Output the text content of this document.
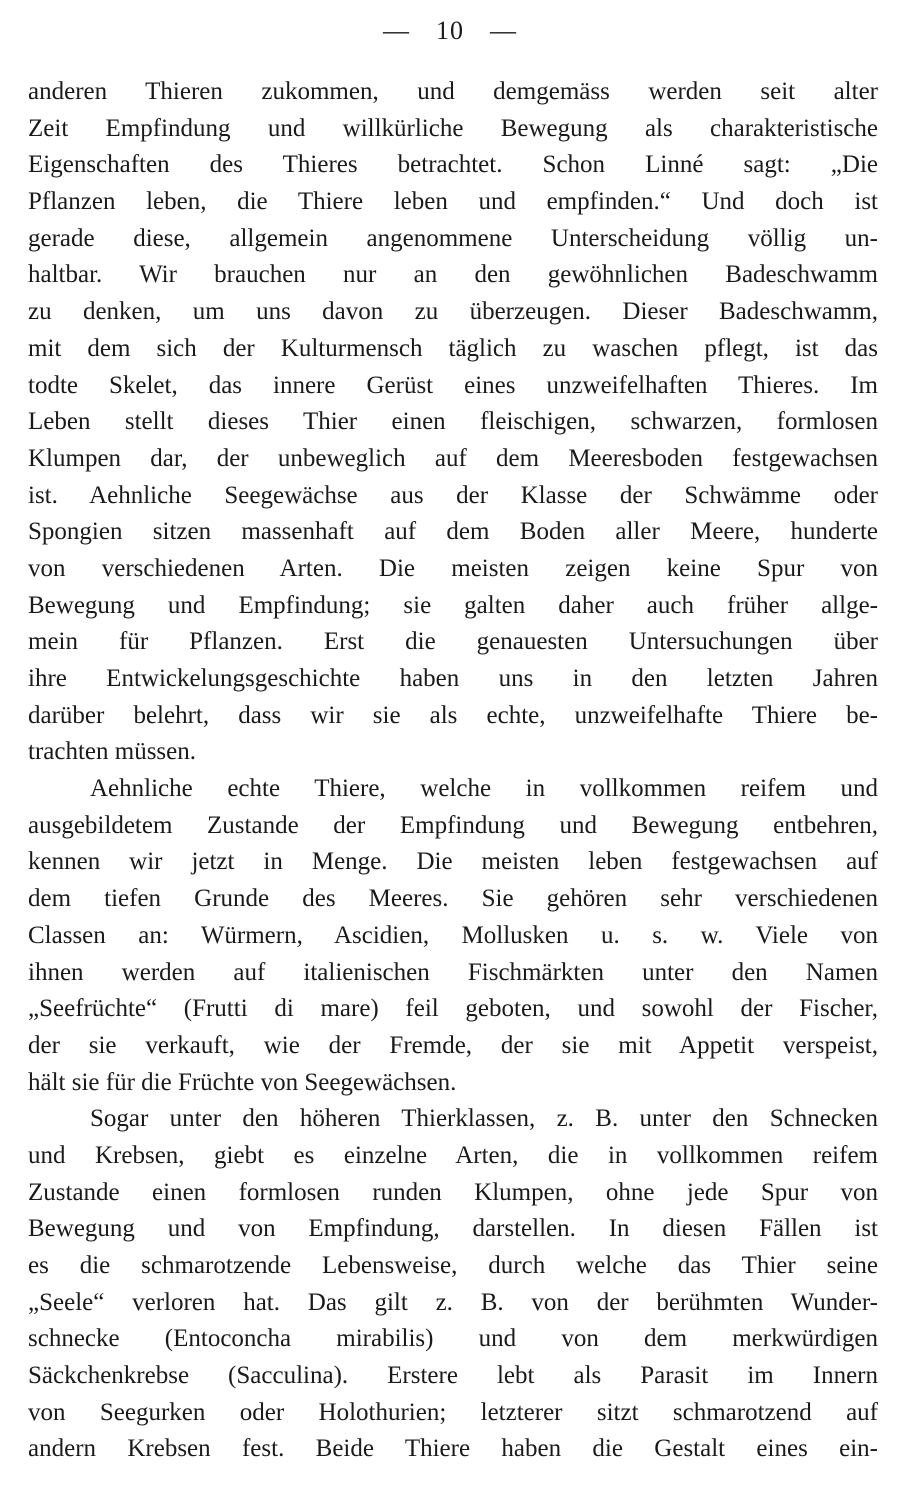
— 10 —
anderen Thieren zukommen, und demgemäss werden seit alter
Zeit Empfindung und willkürliche Bewegung als charakteristische
Eigenschaften des Thieres betrachtet. Schon Linné sagt: „Die
Pflanzen leben, die Thiere leben und empfinden.“ Und doch ist
gerade diese, allgemein angenommene Unterscheidung völlig un-
haltbar. Wir brauchen nur an den gewöhnlichen Badeschwamm
zu denken, um uns davon zu überzeugen. Dieser Badeschwamm,
mit dem sich der Kulturmensch täglich zu waschen pflegt, ist das
todte Skelet, das innere Gerüst eines unzweifelhaften Thieres. Im
Leben stellt dieses Thier einen fleischigen, schwarzen, formlosen
Klumpen dar, der unbeweglich auf dem Meeresboden festgewachsen
ist. Aehnliche Seegewächse aus der Klasse der Schwämme oder
Spongien sitzen massenhaft auf dem Boden aller Meere, hunderte
von verschiedenen Arten. Die meisten zeigen keine Spur von
Bewegung und Empfindung; sie galten daher auch früher allge-
mein für Pflanzen. Erst die genauesten Untersuchungen über
ihre Entwickelungsgeschichte haben uns in den letzten Jahren
darüber belehrt, dass wir sie als echte, unzweifelhafte Thiere be-
trachten müssen.
Aehnliche echte Thiere, welche in vollkommen reifem und
ausgebildetem Zustande der Empfindung und Bewegung entbehren,
kennen wir jetzt in Menge. Die meisten leben festgewachsen auf
dem tiefen Grunde des Meeres. Sie gehören sehr verschiedenen
Classen an: Würmern, Ascidien, Mollusken u. s. w. Viele von
ihnen werden auf italienischen Fischmärkten unter den Namen
„Seefrüchte“ (Frutti di mare) feil geboten, und sowohl der Fischer,
der sie verkauft, wie der Fremde, der sie mit Appetit verspeist,
hält sie für die Früchte von Seegewächsen.
Sogar unter den höheren Thierklassen, z. B. unter den Schnecken
und Krebsen, giebt es einzelne Arten, die in vollkommen reifem
Zustande einen formlosen runden Klumpen, ohne jede Spur von
Bewegung und von Empfindung, darstellen. In diesen Fällen ist
es die schmarotzende Lebensweise, durch welche das Thier seine
„Seele“ verloren hat. Das gilt z. B. von der berühmten Wunder-
schnecke (Entoconcha mirabilis) und von dem merkwürdigen
Säckchenkrebse (Sacculina). Erstere lebt als Parasit im Innern
von Seegurken oder Holothurien; letzterer sitzt schmarotzend auf
andern Krebsen fest. Beide Thiere haben die Gestalt eines ein-
